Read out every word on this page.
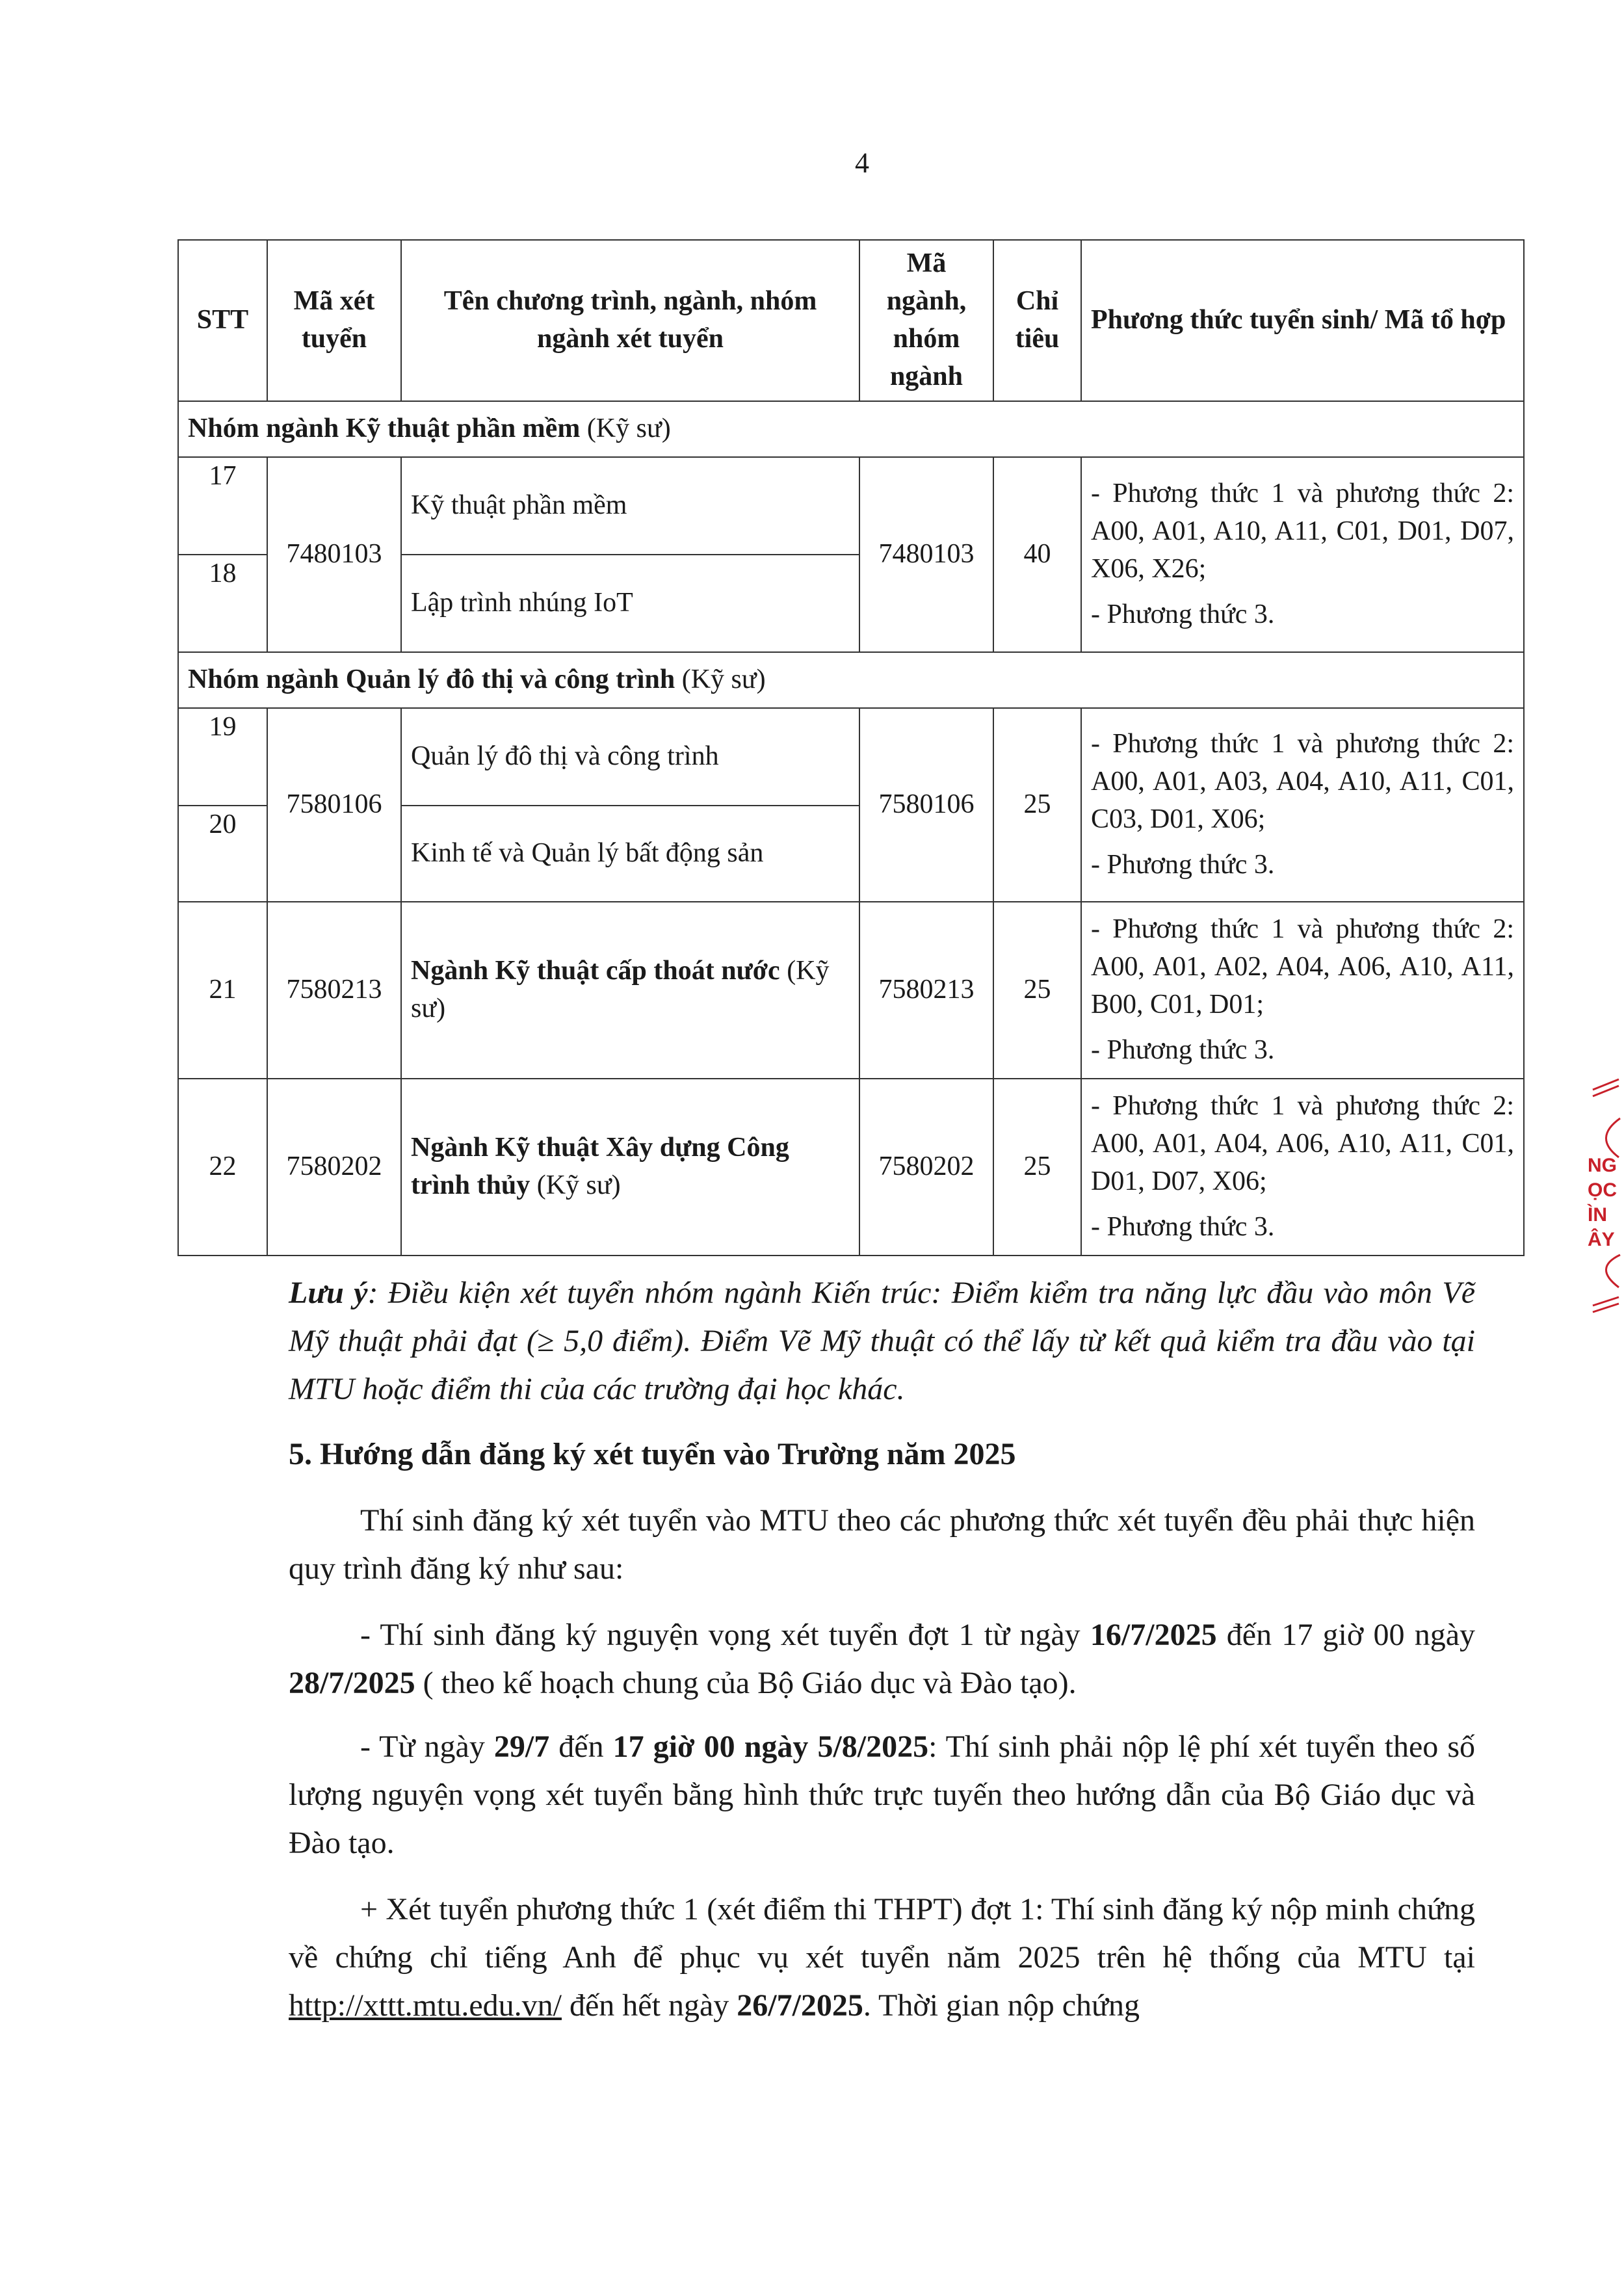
4
STT	Mã xét tuyển	Tên chương trình, ngành, nhóm ngành xét tuyển	Mã ngành, nhóm ngành	Chỉ tiêu	Phương thức tuyển sinh/ Mã tổ hợp
Nhóm ngành Kỹ thuật phần mềm (Kỹ sư)					
17	7480103	Kỹ thuật phần mềm	7480103	40	- Phương thức 1 và phương thức 2: A00, A01, A10, A11, C01, D01, D07, X06, X26;
- Phương thức 3.

18		Lập trình nhúng IoT			
Nhóm ngành Quản lý đô thị và công trình (Kỹ sư)					
19	7580106	Quản lý đô thị và công trình	7580106	25	- Phương thức 1 và phương thức 2: A00, A01, A03, A04, A10, A11, C01, C03, D01, X06;
- Phương thức 3.

20		Kinh tế và Quản lý bất động sản			
21	7580213	Ngành Kỹ thuật cấp thoát nước (Kỹ sư)	7580213	25	- Phương thức 1 và phương thức 2: A00, A01, A02, A04, A06, A10, A11, B00, C01, D01;
- Phương thức 3.

22	7580202	Ngành Kỹ thuật Xây dựng Công trình thủy (Kỹ sư)	7580202	25	- Phương thức 1 và phương thức 2: A00, A01, A04, A06, A10, A11, C01, D01, D07, X06;
- Phương thức 3.
Lưu ý: Điều kiện xét tuyển nhóm ngành Kiến trúc: Điểm kiểm tra năng lực đầu vào môn Vẽ Mỹ thuật phải đạt (≥ 5,0 điểm). Điểm Vẽ Mỹ thuật có thể lấy từ kết quả kiểm tra đầu vào tại MTU hoặc điểm thi của các trường đại học khác.
5. Hướng dẫn đăng ký xét tuyển vào Trường năm 2025
Thí sinh đăng ký xét tuyển vào MTU theo các phương thức xét tuyển đều phải thực hiện quy trình đăng ký như sau:
- Thí sinh đăng ký nguyện vọng xét tuyển đợt 1 từ ngày 16/7/2025 đến 17 giờ 00 ngày 28/7/2025 ( theo kế hoạch chung của Bộ Giáo dục và Đào tạo).
- Từ ngày 29/7 đến 17 giờ 00 ngày 5/8/2025: Thí sinh phải nộp lệ phí xét tuyển theo số lượng nguyện vọng xét tuyển bằng hình thức trực tuyến theo hướng dẫn của Bộ Giáo dục và Đào tạo.
+ Xét tuyển phương thức 1 (xét điểm thi THPT) đợt 1: Thí sinh đăng ký nộp minh chứng về chứng chỉ tiếng Anh để phục vụ xét tuyển năm 2025 trên hệ thống của MTU tại http://xttt.mtu.edu.vn/ đến hết ngày 26/7/2025. Thời gian nộp chứng
NG
ỌC
ÌN
ÂY
